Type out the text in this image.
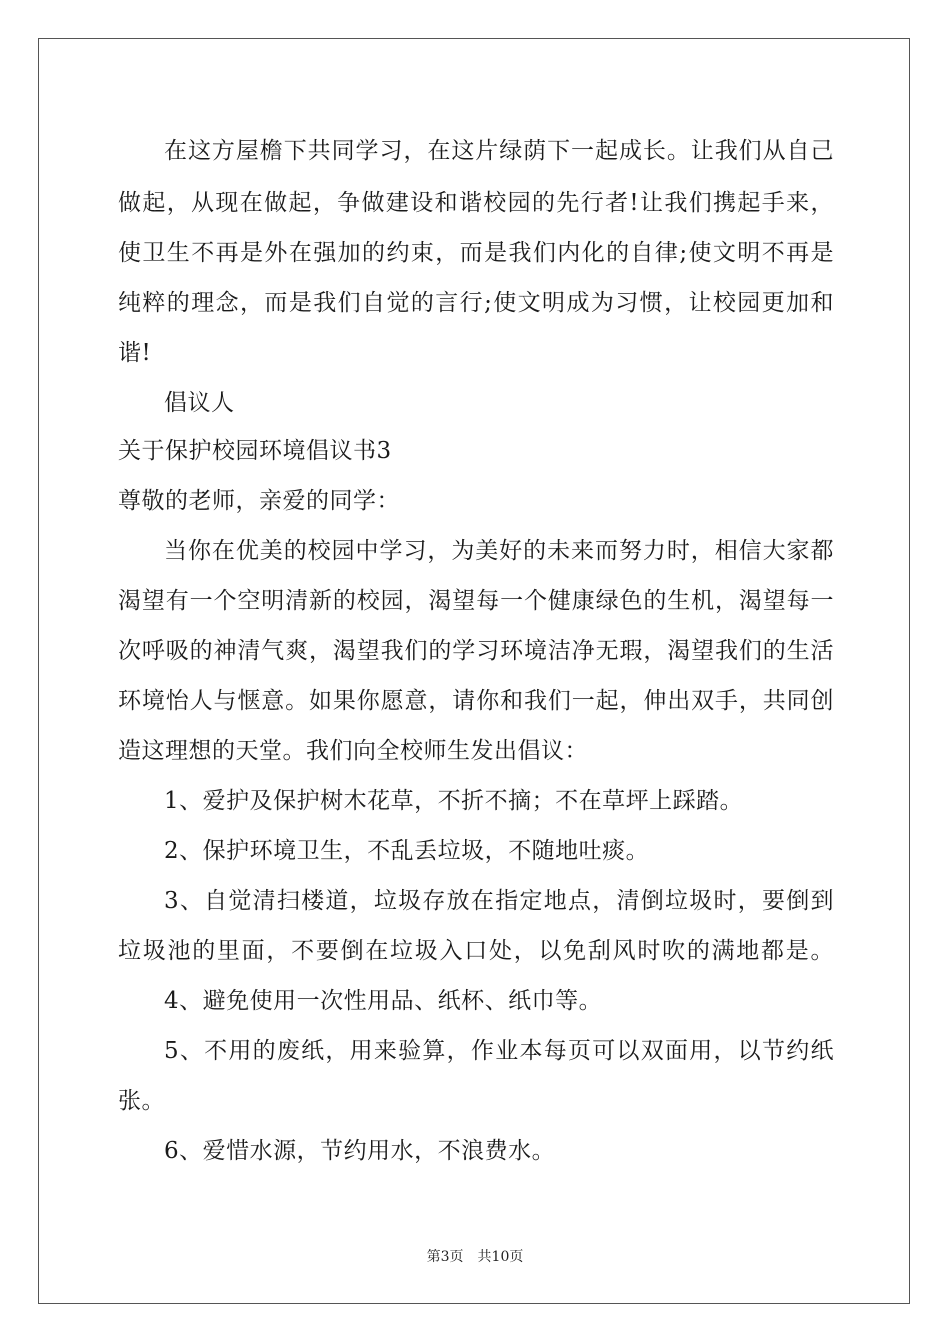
在这方屋檐下共同学习，在这片绿荫下一起成长。让我们从自己
做起，从现在做起，争做建设和谐校园的先行者!让我们携起手来，
使卫生不再是外在强加的约束，而是我们内化的自律;使文明不再是
纯粹的理念，而是我们自觉的言行;使文明成为习惯，让校园更加和
谐!
倡议人
关于保护校园环境倡议书3
尊敬的老师，亲爱的同学：
当你在优美的校园中学习，为美好的未来而努力时，相信大家都
渴望有一个空明清新的校园，渴望每一个健康绿色的生机，渴望每一
次呼吸的神清气爽，渴望我们的学习环境洁净无瑕，渴望我们的生活
环境怡人与惬意。如果你愿意，请你和我们一起，伸出双手，共同创
造这理想的天堂。我们向全校师生发出倡议：
1、爱护及保护树木花草，不折不摘；不在草坪上踩踏。
2、保护环境卫生，不乱丢垃圾，不随地吐痰。
3、自觉清扫楼道，垃圾存放在指定地点，清倒垃圾时，要倒到
垃圾池的里面，不要倒在垃圾入口处，以免刮风时吹的满地都是。
4、避免使用一次性用品、纸杯、纸巾等。
5、不用的废纸，用来验算，作业本每页可以双面用，以节约纸
张。
6、爱惜水源，节约用水，不浪费水。
第3页　共10页
